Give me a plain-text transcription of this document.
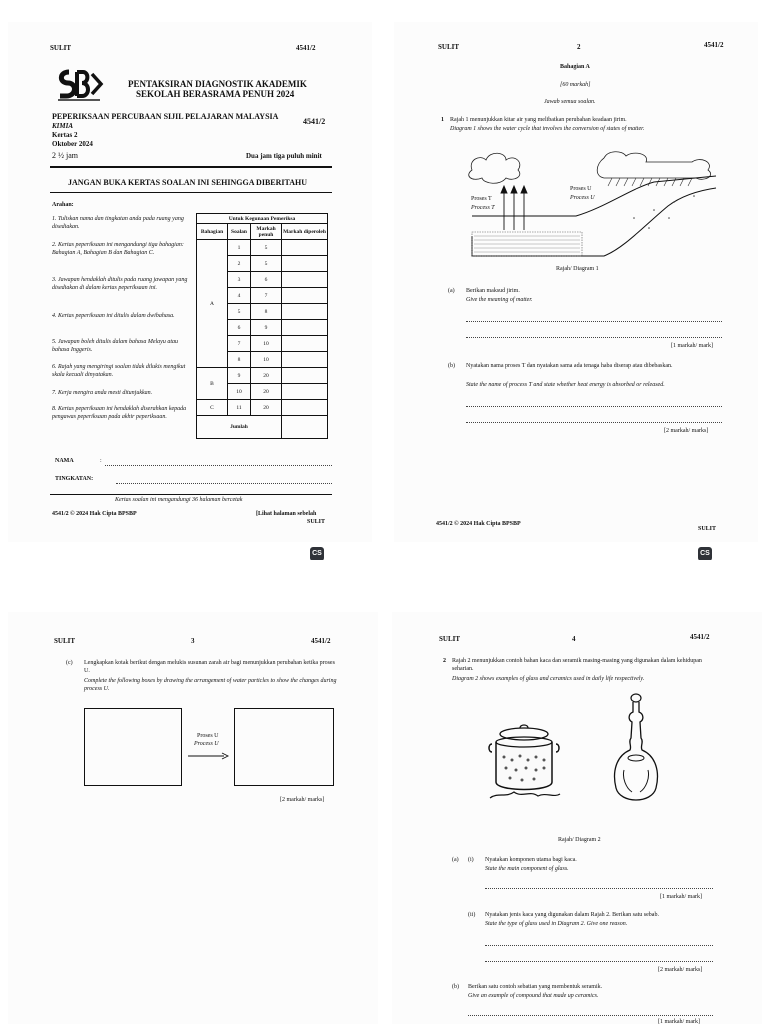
SULIT	4541/2
PENTAKSIRAN DIAGNOSTIK AKADEMIK
SEKOLAH BERASRAMA PENUH 2024
PEPERIKSAAN PERCUBAAN SIJIL PELAJARAN MALAYSIA
4541/2
KIMIA
Kertas 2
Oktober 2024
2 ½ jam	Dua jam tiga puluh minit
JANGAN BUKA KERTAS SOALAN INI SEHINGGA DIBERITAHU
Arahan:
1. Tuliskan nama dan tingkatan anda pada ruang yang disediakan.
2. Kertas peperiksaan ini mengandungi tiga bahagian: Bahagian A, Bahagian B dan Bahagian C.
3. Jawapan hendaklah ditulis pada ruang jawapan yang disediakan di dalam kertas peperiksaan ini.
4. Kertas peperiksaan ini ditulis dalam dwibahasa.
5. Jawapan boleh ditulis dalam bahasa Melayu atau bahasa Inggeris.
6. Rajah yang mengiringi soalan tidak dilukis mengikut skala kecuali dinyatakan.
7. Kerja mengira anda mesti ditunjukkan.
8. Kertas peperiksaan ini hendaklah diserahkan kepada pengawas peperiksaan pada akhir peperiksaan.
Untuk Kegunaan Pemeriksa			
Bahagian	Soalan	Markah penuh	Markah diperoleh
A	1	5	
	2	5	
	3	6	
	4	7	
	5	8	
	6	9	
	7	10	
	8	10	
B	9	20	
	10	20	
C	11	20	
Jumlah			
NAMA	:
TINGKATAN:
Kertas soalan ini mengandungi 36 halaman bercetak
4541/2 © 2024 Hak Cipta BPSBP	[Lihat halaman sebelah
SULIT
CS
SULIT	2	4541/2
Bahagian A
[60 markah]
Jawab semua soalan.
1 Rajah 1 menunjukkan kitar air yang melibatkan perubahan keadaan jirim.
Diagram 1 shows the water cycle that involves the conversion of states of matter.
Proses T
Process T
Proses U
Process U
Rajah/ Diagram 1
(a) Berikan maksud jirim.
Give the meaning of matter.
[1 markah/ mark]
(b) Nyatakan nama proses T dan nyatakan sama ada tenaga haba diserap atau dibebaskan.
State the name of process T and state whether heat energy is absorbed or released.
[2 markah/ marks]
4541/2 © 2024 Hak Cipta BPSBP
SULIT
CS
SULIT	3	4541/2
(c) Lengkapkan kotak berikut dengan melukis susunan zarah air bagi menunjukkan perubahan ketika proses U.
Complete the following boxes by drawing the arrangement of water particles to show the changes during process U.
Proses U
Process U
[2 markah/ marks]
SULIT	4	4541/2
2 Rajah 2 menunjukkan contoh bahan kaca dan seramik masing-masing yang digunakan dalam kehidupan seharian.
Diagram 2 shows examples of glass and ceramics used in daily life respectively.
Rajah/ Diagram 2
(a) (i) Nyatakan komponen utama bagi kaca.
State the main component of glass.
[1 markah/ mark]
(ii) Nyatakan jenis kaca yang digunakan dalam Rajah 2. Berikan satu sebab.
State the type of glass used in Diagram 2. Give one reason.
[2 markah/ marks]
(b) Berikan satu contoh sebatian yang membentuk seramik.
Give an example of compound that made up ceramics.
[1 markah/ mark]
